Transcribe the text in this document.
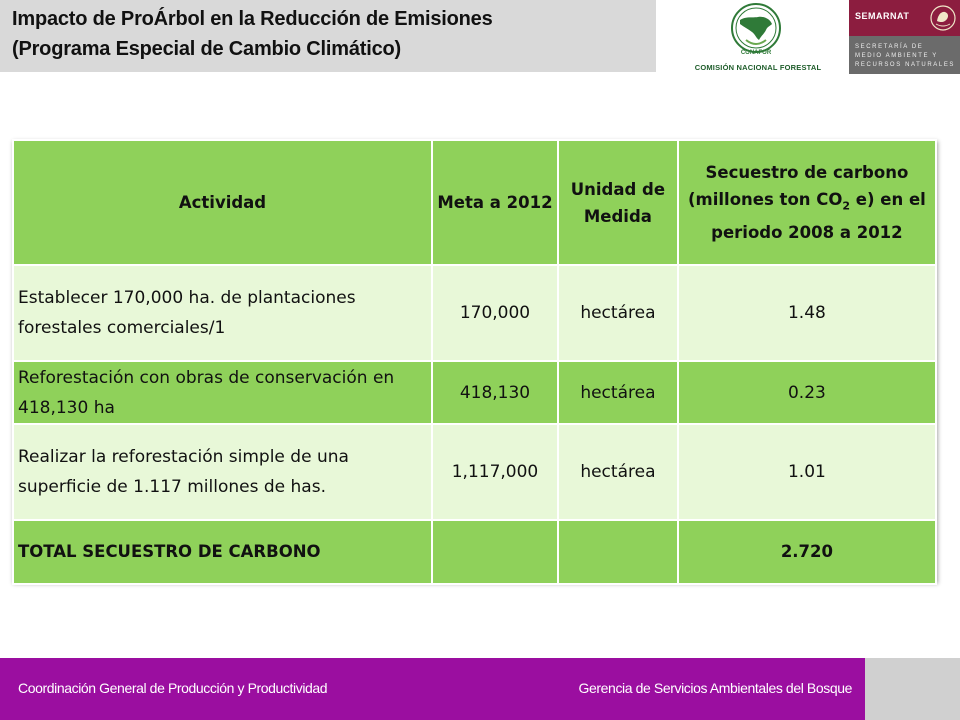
Impacto de ProÁrbol en la Reducción de Emisiones
(Programa Especial de Cambio Climático)	CONAFOR
COMISIÓN NACIONAL FORESTAL
SEMARNAT
SECRETARÍA DE
MEDIO AMBIENTE Y
RECURSOS NATURALES
Actividad	Meta a 2012	Unidad de Medida	Secuestro de carbono (millones ton $CO_2$ e) en el periodo 2008 a 2012
Establecer 170,000 ha. de plantaciones forestales comerciales/1	170,000	hectárea	1.48
Reforestación con obras de conservación en 418,130 ha	418,130	hectárea	0.23
Realizar la reforestación simple de una superficie de 1.117 millones de has.	1,117,000	hectárea	1.01
TOTAL SECUESTRO DE CARBONO			2.720
Coordinación General de Producción y Productividad	Gerencia de Servicios Ambientales del Bosque
